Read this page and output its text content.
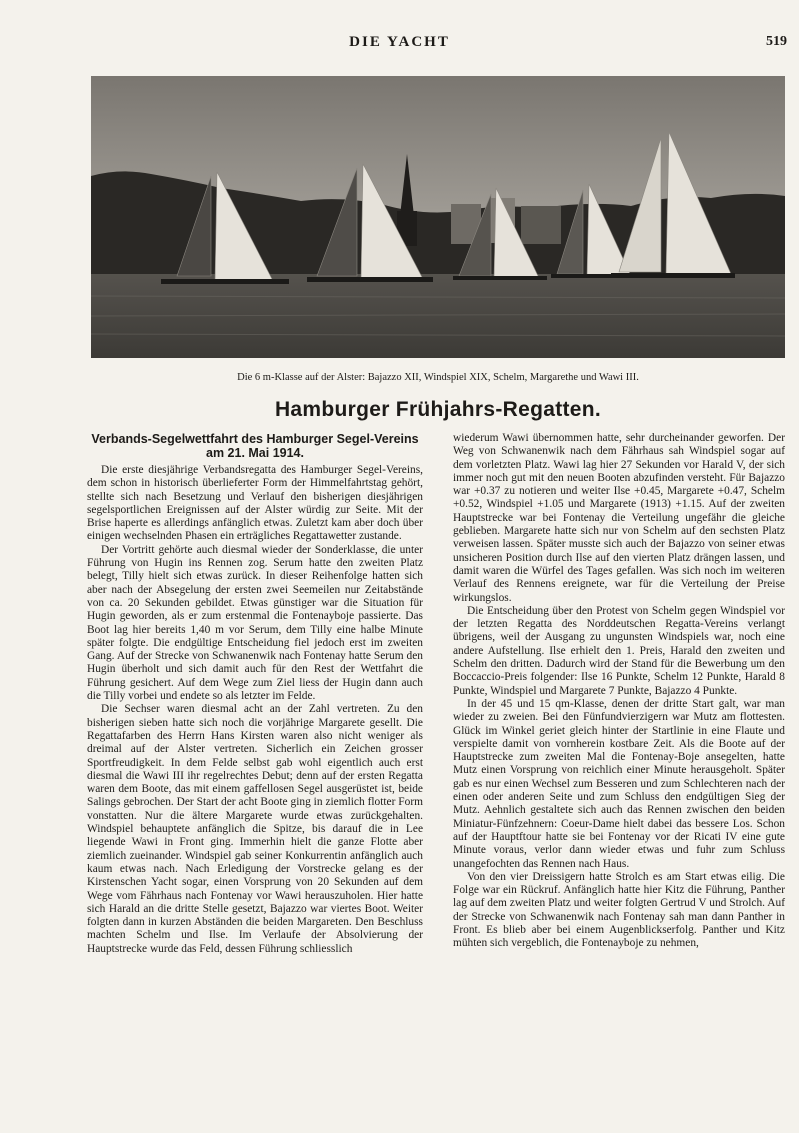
DIE YACHT	519
Die 6 m-Klasse auf der Alster: Bajazzo XII, Windspiel XIX, Schelm, Margarethe und Wawi III.
Hamburger Frühjahrs-Regatten.
Verbands-Segelwettfahrt des Hamburger Segel-Vereins am 21. Mai 1914.

Die erste diesjährige Verbandsregatta des Hamburger Segel-Vereins, dem schon in historisch überlieferter Form der Himmelfahrtstag gehört, stellte sich nach Besetzung und Verlauf den bisherigen diesjährigen segelsportlichen Ereignissen auf der Alster würdig zur Seite. Mit der Brise haperte es allerdings anfänglich etwas. Zuletzt kam aber doch über einigen wechselnden Phasen ein erträgliches Regattawetter zustande.

Der Vortritt gehörte auch diesmal wieder der Sonderklasse, die unter Führung von Hugin ins Rennen zog. Serum hatte den zweiten Platz belegt, Tilly hielt sich etwas zurück. In dieser Reihenfolge hatten sich aber nach der Absegelung der ersten zwei Seemeilen nur Zeitabstände von ca. 20 Sekunden gebildet. Etwas günstiger war die Situation für Hugin geworden, als er zum erstenmal die Fontenayboje passierte. Das Boot lag hier bereits 1,40 m vor Serum, dem Tilly eine halbe Minute später folgte. Die endgültige Entscheidung fiel jedoch erst im zweiten Gang. Auf der Strecke von Schwanenwik nach Fontenay hatte Serum den Hugin überholt und sich damit auch für den Rest der Wettfahrt die Führung gesichert. Auf dem Wege zum Ziel liess der Hugin dann auch die Tilly vorbei und endete so als letzter im Felde.

Die Sechser waren diesmal acht an der Zahl vertreten. Zu den bisherigen sieben hatte sich noch die vorjährige Margarete gesellt. Die Regattafarben des Herrn Hans Kirsten waren also nicht weniger als dreimal auf der Alster vertreten. Sicherlich ein Zeichen grosser Sportfreudigkeit. In dem Felde selbst gab wohl eigentlich auch erst diesmal die Wawi III ihr regelrechtes Debut; denn auf der ersten Regatta waren dem Boote, das mit einem gaffellosen Segel ausgerüstet ist, beide Salings gebrochen. Der Start der acht Boote ging in ziemlich flotter Form vonstatten. Nur die ältere Margarete wurde etwas zurückgehalten. Windspiel behauptete anfänglich die Spitze, bis darauf die in Lee liegende Wawi in Front ging. Immerhin hielt die ganze Flotte aber ziemlich zueinander. Windspiel gab seiner Konkurrentin anfänglich auch kaum etwas nach. Nach Erledigung der Vorstrecke gelang es der Kirstenschen Yacht sogar, einen Vorsprung von 20 Sekunden auf dem Wege vom Fährhaus nach Fontenay vor Wawi herauszuholen. Hier hatte sich Harald an die dritte Stelle gesetzt, Bajazzo war viertes Boot. Weiter folgten dann in kurzen Abständen die beiden Margareten. Den Beschluss machten Schelm und Ilse. Im Verlaufe der Absolvierung der Hauptstrecke wurde das Feld, dessen Führung schliesslich

wiederum Wawi übernommen hatte, sehr durcheinander geworfen. Der Weg von Schwanenwik nach dem Fährhaus sah Windspiel sogar auf dem vorletzten Platz. Wawi lag hier 27 Sekunden vor Harald V, der sich immer noch gut mit den neuen Booten abzufinden versteht. Für Bajazzo war +0.37 zu notieren und weiter Ilse +0.45, Margarete +0.47, Schelm +0.52, Windspiel +1.05 und Margarete (1913) +1.15. Auf der zweiten Hauptstrecke war bei Fontenay die Verteilung ungefähr die gleiche geblieben. Margarete hatte sich nur von Schelm auf den sechsten Platz verweisen lassen. Später musste sich auch der Bajazzo von seiner etwas unsicheren Position durch Ilse auf den vierten Platz drängen lassen, und damit waren die Würfel des Tages gefallen. Was sich noch im weiteren Verlauf des Rennens ereignete, war für die Verteilung der Preise wirkungslos.

Die Entscheidung über den Protest von Schelm gegen Windspiel vor der letzten Regatta des Norddeutschen Regatta-Vereins verlangt übrigens, weil der Ausgang zu ungunsten Windspiels war, noch eine andere Aufstellung. Ilse erhielt den 1. Preis, Harald den zweiten und Schelm den dritten. Dadurch wird der Stand für die Bewerbung um den Boccaccio-Preis folgender: Ilse 16 Punkte, Schelm 12 Punkte, Harald 8 Punkte, Windspiel und Margarete 7 Punkte, Bajazzo 4 Punkte.

In der 45 und 15 qm-Klasse, denen der dritte Start galt, war man wieder zu zweien. Bei den Fünfundvierzigern war Mutz am flottesten. Glück im Winkel geriet gleich hinter der Startlinie in eine Flaute und verspielte damit von vornherein kostbare Zeit. Als die Boote auf der Hauptstrecke zum zweiten Mal die Fontenay-Boje ansegelten, hatte Mutz einen Vorsprung von reichlich einer Minute herausgeholt. Später gab es nur einen Wechsel zum Besseren und zum Schlechteren nach der einen oder anderen Seite und zum Schluss den endgültigen Sieg der Mutz. Aehnlich gestaltete sich auch das Rennen zwischen den beiden Miniatur-Fünfzehnern: Coeur-Dame hielt dabei das bessere Los. Schon auf der Hauptftour hatte sie bei Fontenay vor der Ricati IV eine gute Minute voraus, verlor dann wieder etwas und fuhr zum Schluss unangefochten das Rennen nach Haus.

Von den vier Dreissigern hatte Strolch es am Start etwas eilig. Die Folge war ein Rückruf. Anfänglich hatte hier Kitz die Führung, Panther lag auf dem zweiten Platz und weiter folgten Gertrud V und Strolch. Auf der Strecke von Schwanenwik nach Fontenay sah man dann Panther in Front. Es blieb aber bei einem Augenblickserfolg. Panther und Kitz mühten sich vergeblich, die Fontenayboje zu nehmen,
